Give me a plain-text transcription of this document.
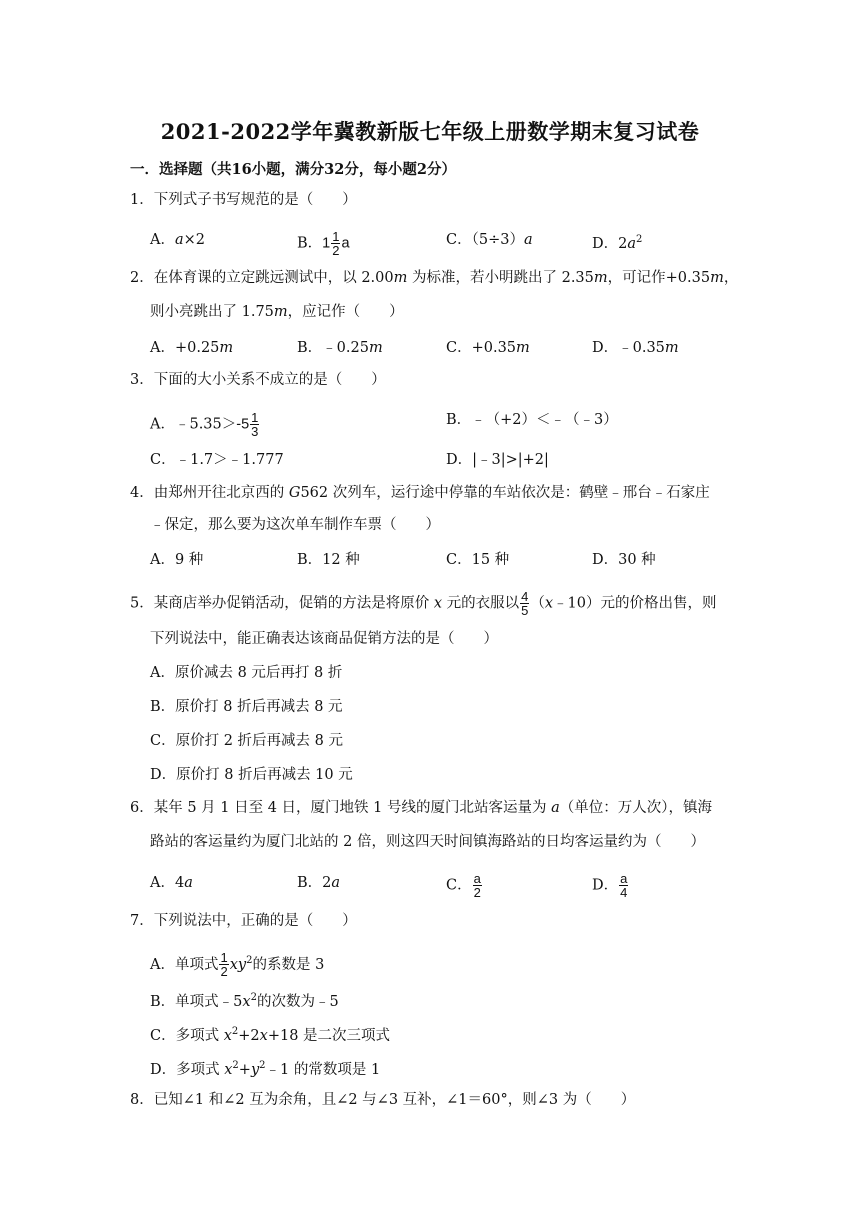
2021-2022学年冀教新版七年级上册数学期末复习试卷
一．选择题（共16小题，满分32分，每小题2分）
1．下列式子书写规范的是（　　）
A．a×2	B．$1 \frac{1}{2}$ a	C．（5÷3）a	D．$2a^2$
2．在体育课的立定跳远测试中，以 2.00m 为标准，若小明跳出了 2.35m，可记作+0.35m，
则小亮跳出了 1.75m，应记作（　　）
A．+0.25m	B．﹣0.25m	C．+0.35m	D．﹣0.35m
3．下面的大小关系不成立的是（　　）
A．﹣5.35＞-5 $\frac{1}{3}$	B．﹣（+2）＜﹣（﹣3）
C．﹣1.7＞﹣1.777	D．|﹣3|>|+2|
4．由郑州开往北京西的 G562 次列车，运行途中停靠的车站依次是：鹤壁﹣邢台﹣石家庄
﹣保定，那么要为这次单车制作车票（　　）
A．9 种	B．12 种	C．15 种	D．30 种
5．某商店举办促销活动，促销的方法是将原价 x 元的衣服以 $\frac{4}{5}$ （x﹣10）元的价格出售，则
下列说法中，能正确表达该商品促销方法的是（　　）
A．原价减去 8 元后再打 8 折
B．原价打 8 折后再减去 8 元
C．原价打 2 折后再减去 8 元
D．原价打 8 折后再减去 10 元
6．某年 5 月 1 日至 4 日，厦门地铁 1 号线的厦门北站客运量为 a（单位：万人次），镇海
路站的客运量约为厦门北站的 2 倍，则这四天时间镇海路站的日均客运量约为（　　）
A．4a	B．2a	C． $\frac{a}{2}$	D． $\frac{a}{4}$
7．下列说法中，正确的是（　　）
A．单项式 $\frac{1}{2} xy^2$的系数是 3
B．单项式$﹣5x^2$的次数为﹣5
C．多项式 $x^2+2x+18$ 是二次三项式
D．多项式 $x^2+y^2﹣1$ 的常数项是 1
8．已知∠1 和∠2 互为余角，且∠2 与∠3 互补，∠1＝60°，则∠3 为（　　）
